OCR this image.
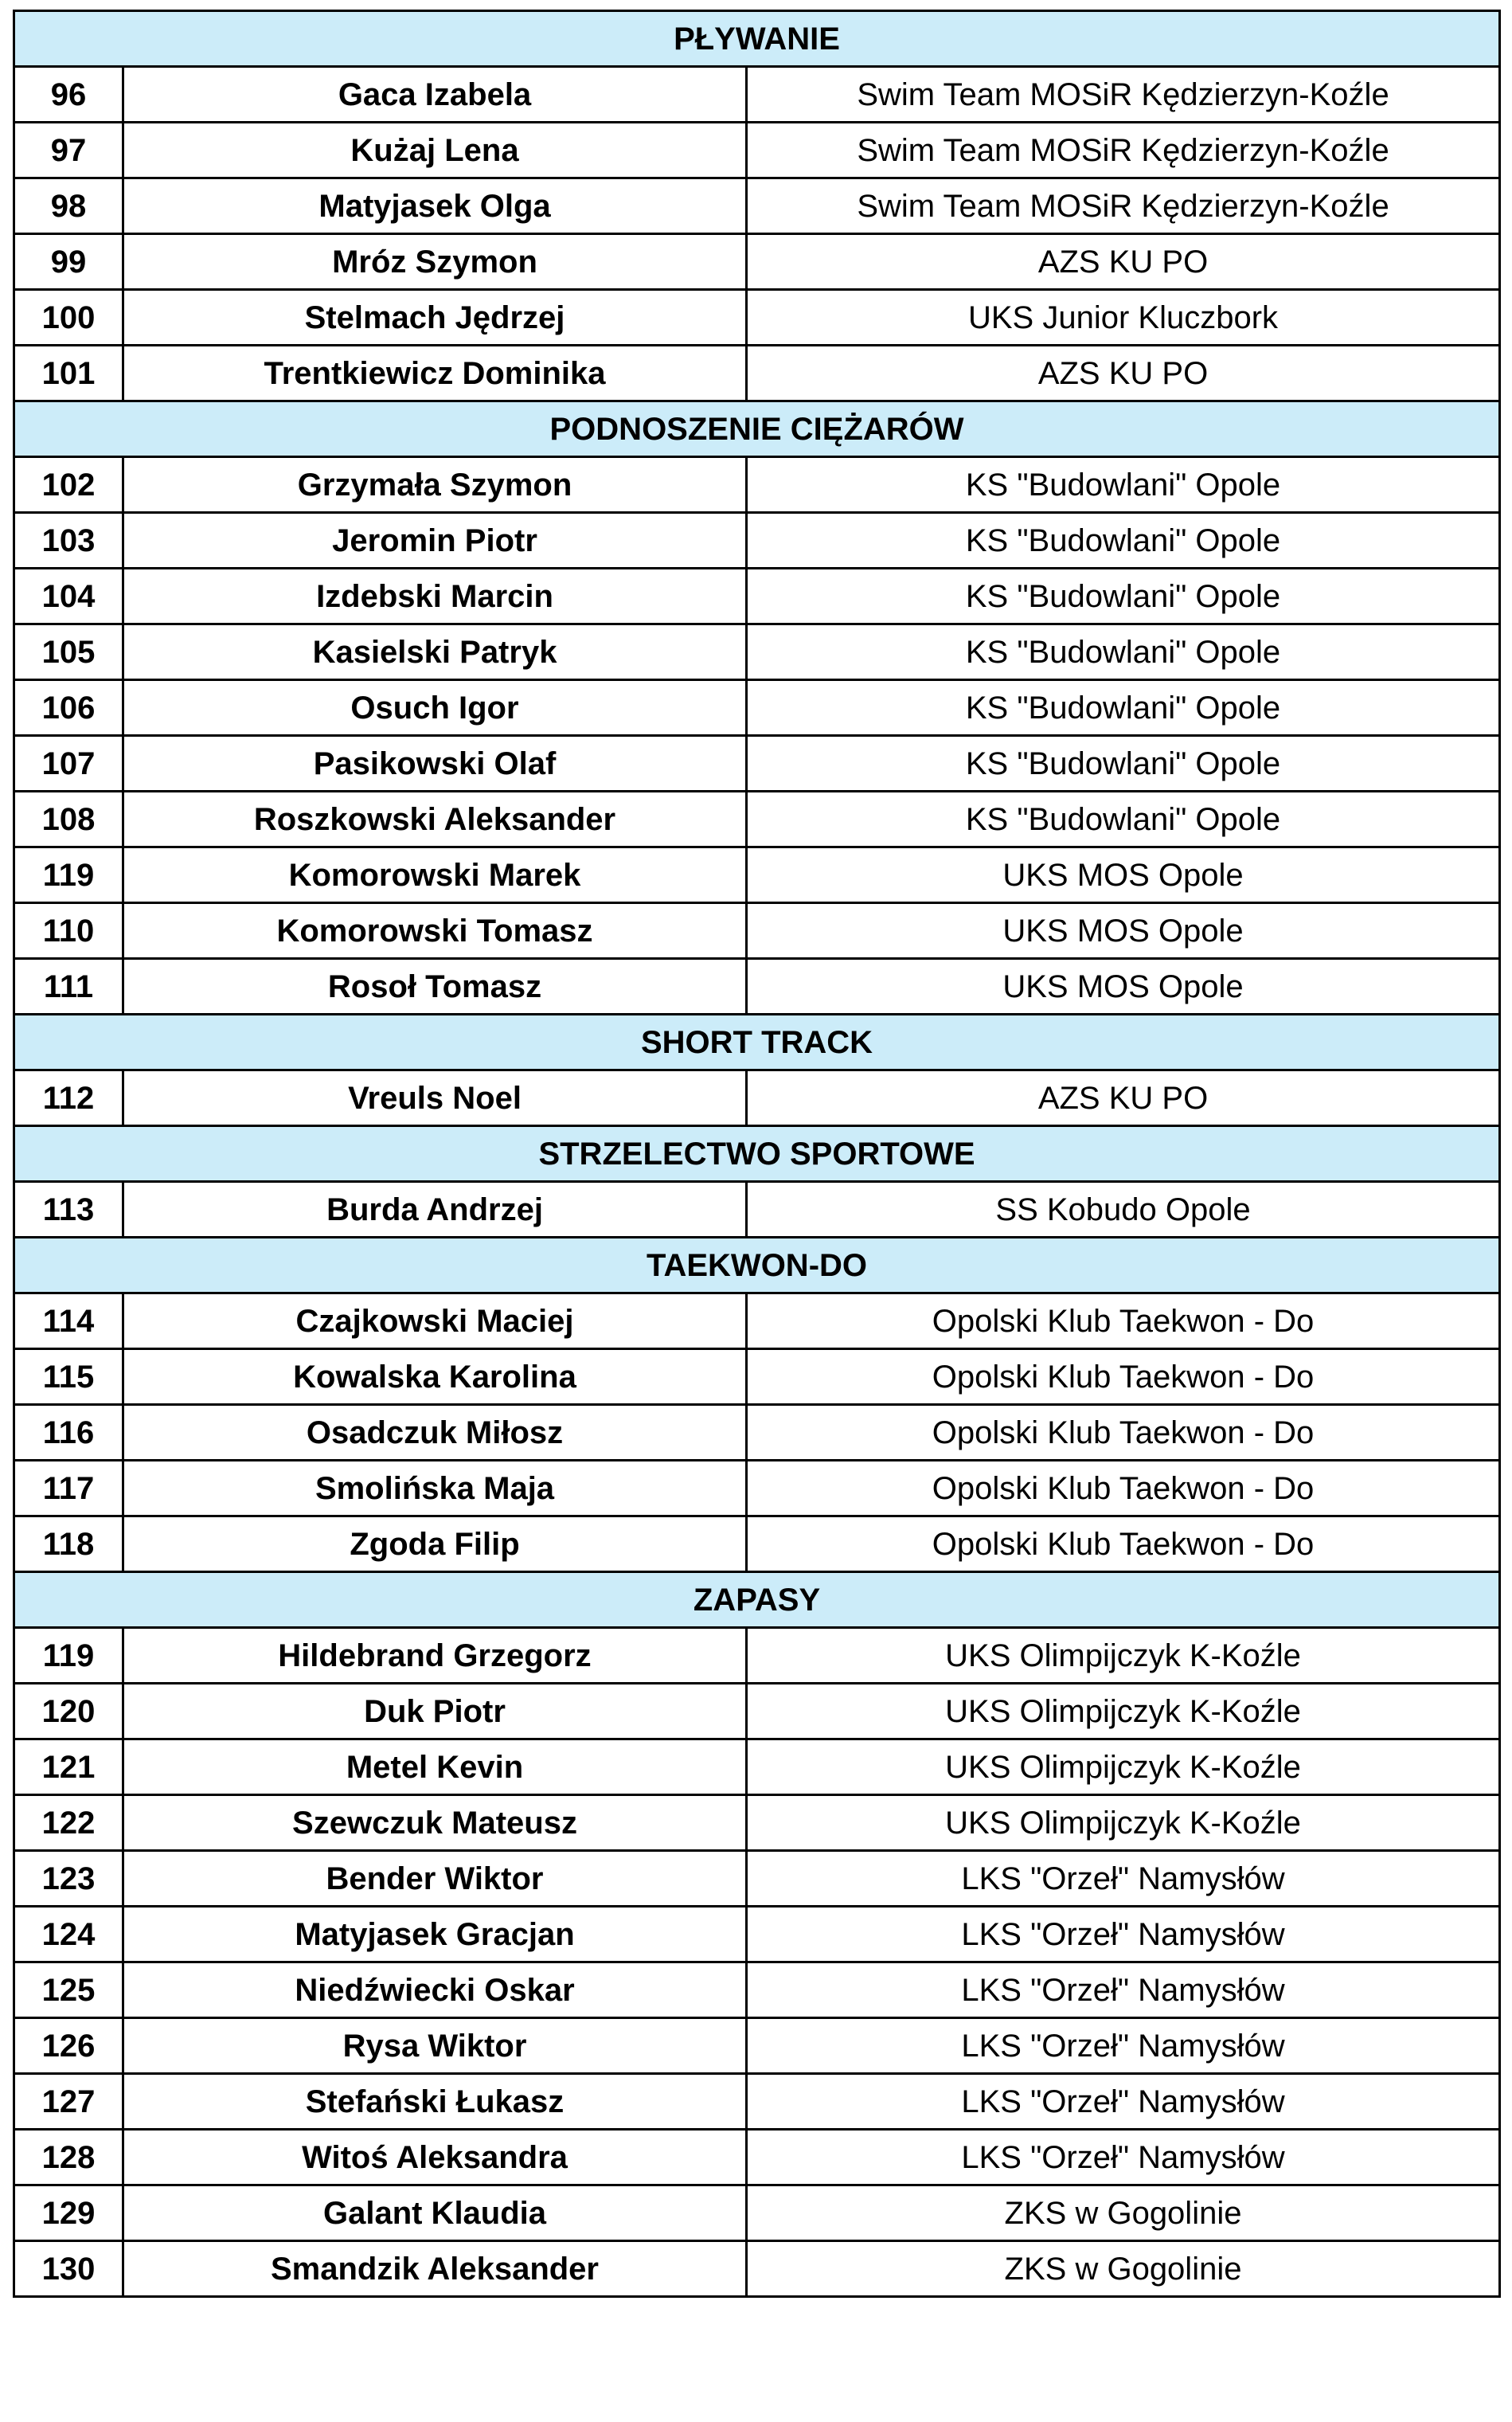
PŁYWANIE		
96	Gaca Izabela	Swim Team MOSiR Kędzierzyn-Koźle
97	Kużaj Lena	Swim Team MOSiR Kędzierzyn-Koźle
98	Matyjasek Olga	Swim Team MOSiR Kędzierzyn-Koźle
99	Mróz Szymon	AZS KU PO
100	Stelmach Jędrzej	UKS Junior Kluczbork
101	Trentkiewicz Dominika	AZS KU PO
PODNOSZENIE CIĘŻARÓW		
102	Grzymała Szymon	KS "Budowlani" Opole
103	Jeromin Piotr	KS "Budowlani" Opole
104	Izdebski Marcin	KS "Budowlani" Opole
105	Kasielski Patryk	KS "Budowlani" Opole
106	Osuch Igor	KS "Budowlani" Opole
107	Pasikowski Olaf	KS "Budowlani" Opole
108	Roszkowski Aleksander	KS "Budowlani" Opole
119	Komorowski Marek	UKS MOS Opole
110	Komorowski Tomasz	UKS MOS Opole
111	Rosoł Tomasz	UKS MOS Opole
SHORT TRACK		
112	Vreuls Noel	AZS KU PO
STRZELECTWO SPORTOWE		
113	Burda Andrzej	SS Kobudo Opole
TAEKWON-DO		
114	Czajkowski Maciej	Opolski Klub Taekwon - Do
115	Kowalska Karolina	Opolski Klub Taekwon - Do
116	Osadczuk Miłosz	Opolski Klub Taekwon - Do
117	Smolińska Maja	Opolski Klub Taekwon - Do
118	Zgoda Filip	Opolski Klub Taekwon - Do
ZAPASY		
119	Hildebrand Grzegorz	UKS Olimpijczyk K-Koźle
120	Duk Piotr	UKS Olimpijczyk K-Koźle
121	Metel Kevin	UKS Olimpijczyk K-Koźle
122	Szewczuk Mateusz	UKS Olimpijczyk K-Koźle
123	Bender Wiktor	LKS "Orzeł" Namysłów
124	Matyjasek Gracjan	LKS "Orzeł" Namysłów
125	Niedźwiecki Oskar	LKS "Orzeł" Namysłów
126	Rysa Wiktor	LKS "Orzeł" Namysłów
127	Stefański Łukasz	LKS "Orzeł" Namysłów
128	Witoś Aleksandra	LKS "Orzeł" Namysłów
129	Galant Klaudia	ZKS w Gogolinie
130	Smandzik Aleksander	ZKS w Gogolinie
